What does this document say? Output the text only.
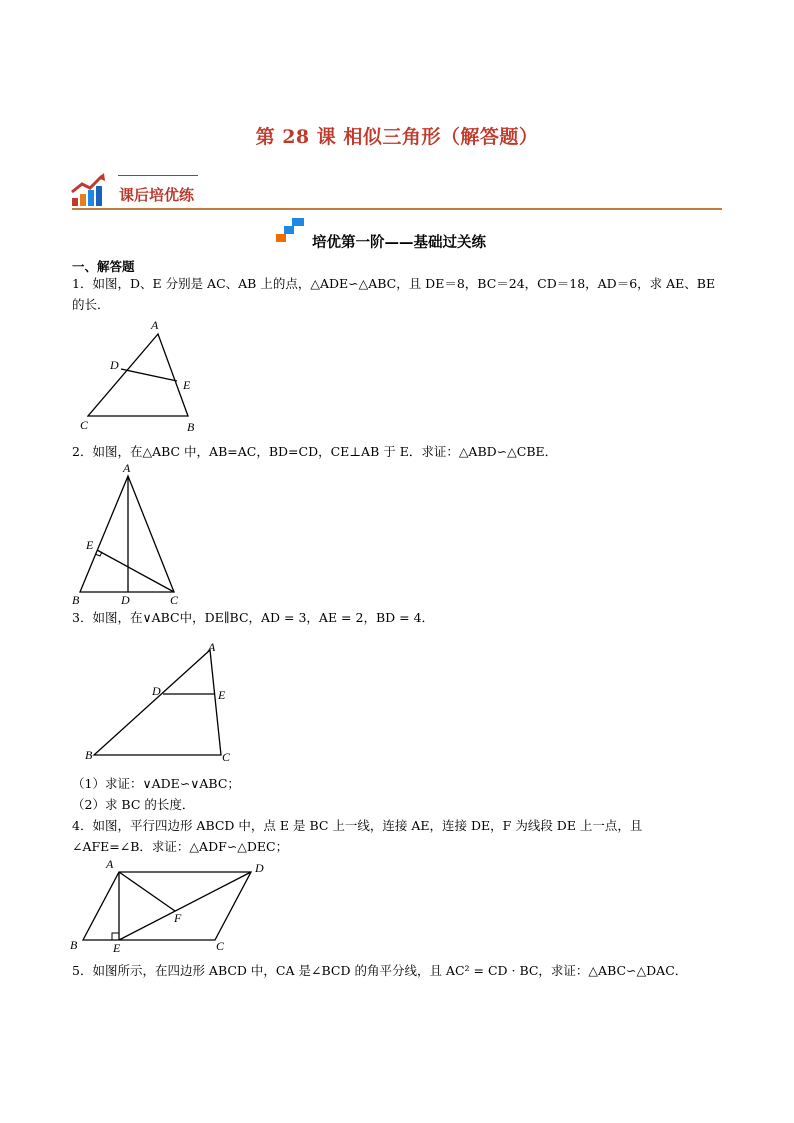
第 28 课 相似三角形（解答题）
课后培优练
培优第一阶——基础过关练
一、解答题
1．如图，D、E 分别是 AC、AB 上的点，△ADE∽△ABC，且 DE＝8，BC＝24，CD＝18，AD＝6，求 AE、BE
的长．
A
D
E
C	B
2．如图，在△ABC 中，AB=AC，BD=CD，CE⊥AB 于 E．求证：△ABD∽△CBE．
A
E
B	D	C
3．如图，在∨ABC中，DE∥BC，AD = 3，AE = 2，BD = 4．
A
D	E
B	C
（1）求证：∨ADE∽∨ABC；
（2）求 BC 的长度．
4．如图，平行四边形 ABCD 中，点 E 是 BC 上一线，连接 AE，连接 DE，F 为线段 DE 上一点，且
∠AFE=∠B．求证：△ADF∽△DEC；
A	D
F
B	E	C
5．如图所示，在四边形 ABCD 中，CA 是∠BCD 的角平分线，且 AC² = CD · BC，求证：△ABC∽△DAC．
